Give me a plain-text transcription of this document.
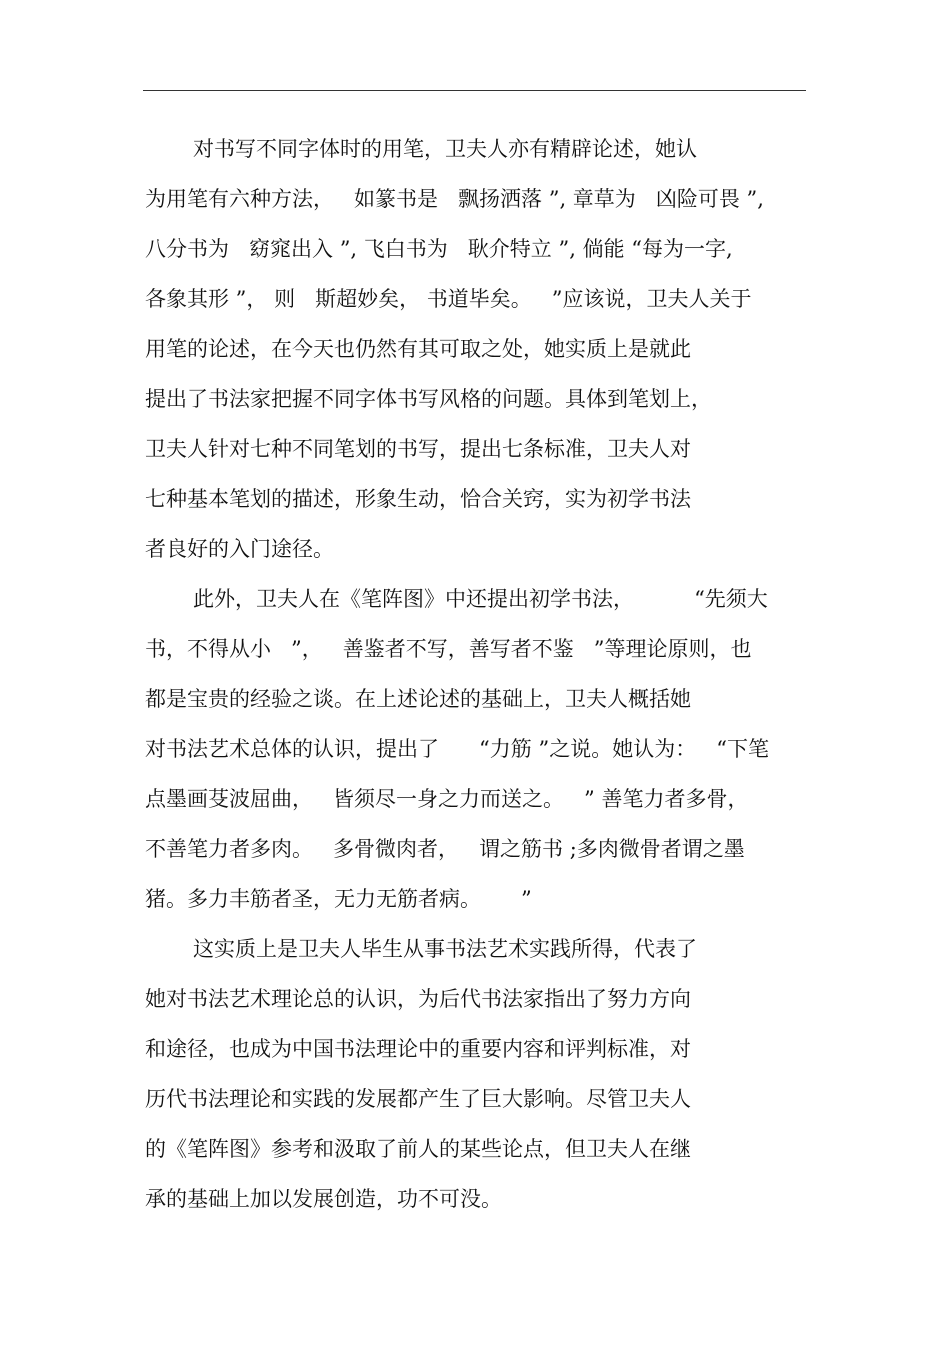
对书写不同字体时的用笔，卫夫人亦有精辟论述，她认
为用笔有六种方法，   如篆书是   飘扬洒落 ”, 章草为   凶险可畏 ”,
八分书为   窈窕出入 ”, 飞白书为   耿介特立 ”, 倘能 “每为一字,
各象其形 ”， 则   斯超妙矣， 书道毕矣。   ”应该说，卫夫人关于
用笔的论述，在今天也仍然有其可取之处，她实质上是就此
提出了书法家把握不同字体书写风格的问题。具体到笔划上，
卫夫人针对七种不同笔划的书写，提出七条标准，卫夫人对
七种基本笔划的描述，形象生动，恰合关窍，实为初学书法
者良好的入门途径。
此外，卫夫人在《笔阵图》中还提出初学书法，         “先须大
书，不得从小   ”，   善鉴者不写，善写者不鉴   ”等理论原则，也
都是宝贵的经验之谈。在上述论述的基础上，卫夫人概括她
对书法艺术总体的认识，提出了      “力筋 ”之说。她认为：   “下笔
点墨画芟波屈曲，   皆须尽一身之力而送之。   ” 善笔力者多骨，
不善笔力者多肉。   多骨微肉者，   谓之筋书 ;多肉微骨者谓之墨
猪。多力丰筋者圣，无力无筋者病。      ”
这实质上是卫夫人毕生从事书法艺术实践所得，代表了
她对书法艺术理论总的认识，为后代书法家指出了努力方向
和途径，也成为中国书法理论中的重要内容和评判标准，对
历代书法理论和实践的发展都产生了巨大影响。尽管卫夫人
的《笔阵图》参考和汲取了前人的某些论点，但卫夫人在继
承的基础上加以发展创造，功不可没。
